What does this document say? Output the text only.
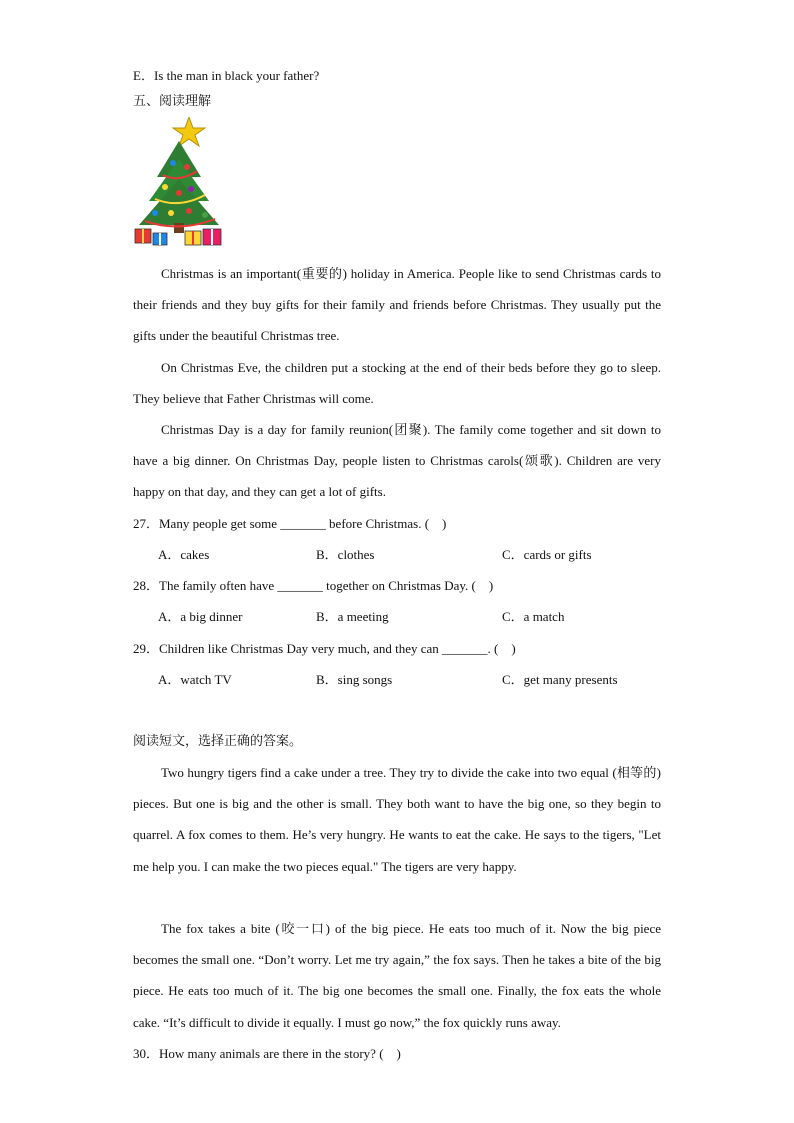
E．Is the man in black your father?
五、阅读理解
Christmas is an important(重要的) holiday in America. People like to send Christmas cards to their friends and they buy gifts for their family and friends before Christmas. They usually put the gifts under the beautiful Christmas tree.
On Christmas Eve, the children put a stocking at the end of their beds before they go to sleep. They believe that Father Christmas will come.
Christmas Day is a day for family reunion(团聚). The family come together and sit down to have a big dinner. On Christmas Day, people listen to Christmas carols(颂歌). Children are very happy on that day, and they can get a lot of gifts.
27．Many people get some _______ before Christmas. (　)
A．cakes	B．clothes	C．cards or gifts
28．The family often have _______ together on Christmas Day. (　)
A．a big dinner	B．a meeting	C．a match
29．Children like Christmas Day very much, and they can _______. (　)
A．watch TV	B．sing songs	C．get many presents
阅读短文，选择正确的答案。
Two hungry tigers find a cake under a tree. They try to divide the cake into two equal (相等的) pieces. But one is big and the other is small. They both want to have the big one, so they begin to quarrel. A fox comes to them. He’s very hungry. He wants to eat the cake. He says to the tigers, "Let me help you. I can make the two pieces equal." The tigers are very happy.
The fox takes a bite (咬一口) of the big piece. He eats too much of it. Now the big piece becomes the small one. “Don’t worry. Let me try again,” the fox says. Then he takes a bite of the big piece. He eats too much of it. The big one becomes the small one. Finally, the fox eats the whole cake. “It’s difficult to divide it equally. I must go now,” the fox quickly runs away.
30．How many animals are there in the story? (　)
